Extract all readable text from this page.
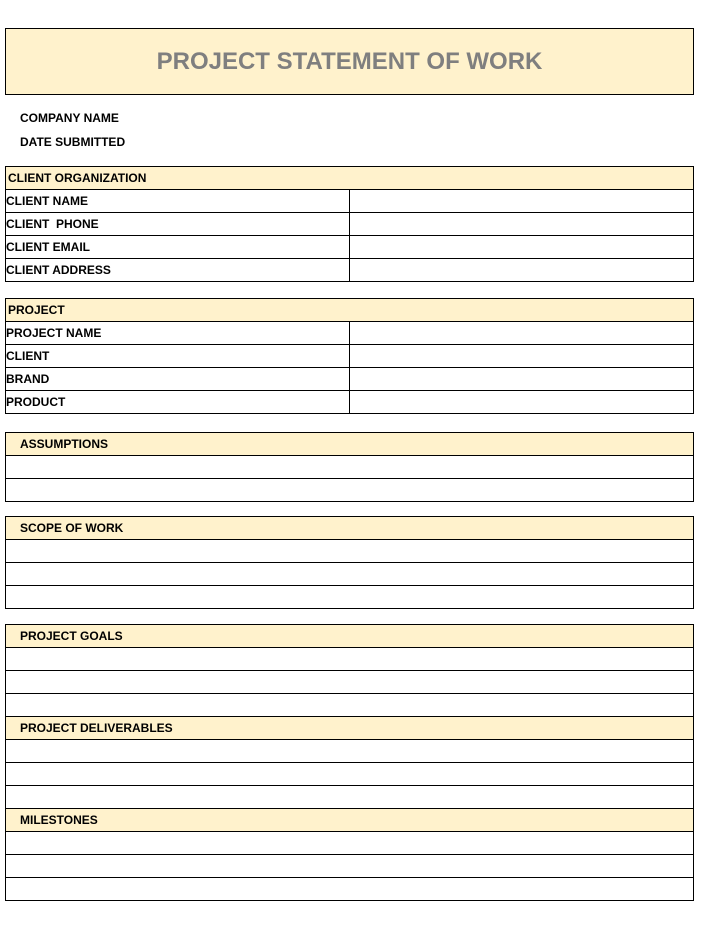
PROJECT STATEMENT OF WORK
COMPANY NAME
DATE SUBMITTED
CLIENT ORGANIZATION	
CLIENT NAME	
CLIENT  PHONE	
CLIENT EMAIL	
CLIENT ADDRESS	
PROJECT	
PROJECT NAME	
CLIENT	
BRAND	
PRODUCT	
ASSUMPTIONS

SCOPE OF WORK

PROJECT GOALS

PROJECT DELIVERABLES

MILESTONES
